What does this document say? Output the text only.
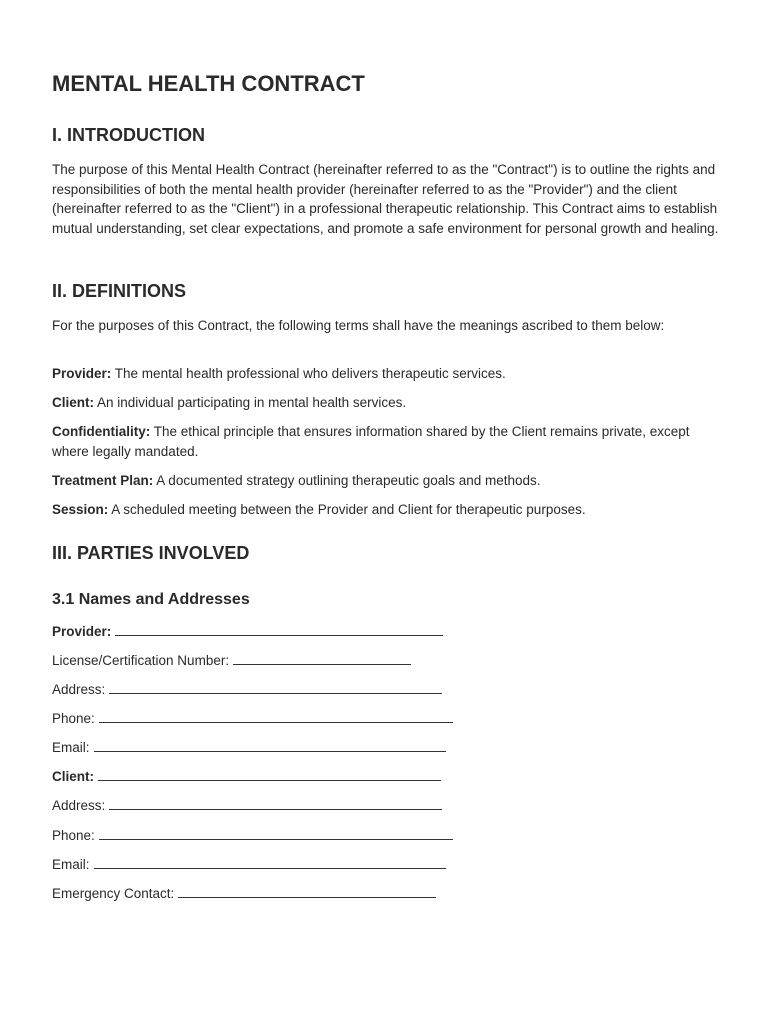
MENTAL HEALTH CONTRACT
I. INTRODUCTION

The purpose of this Mental Health Contract (hereinafter referred to as the "Contract") is to outline the rights and responsibilities of both the mental health provider (hereinafter referred to as the "Provider") and the client (hereinafter referred to as the "Client") in a professional therapeutic relationship. This Contract aims to establish mutual understanding, set clear expectations, and promote a safe environment for personal growth and healing.

II. DEFINITIONS

For the purposes of this Contract, the following terms shall have the meanings ascribed to them below:

Provider: The mental health professional who delivers therapeutic services.

Client: An individual participating in mental health services.

Confidentiality: The ethical principle that ensures information shared by the Client remains private, except where legally mandated.

Treatment Plan: A documented strategy outlining therapeutic goals and methods.

Session: A scheduled meeting between the Provider and Client for therapeutic purposes.

III. PARTIES INVOLVED
3.1 Names and Addresses

Provider:

License/Certification Number:

Address:

Phone:

Email:

Client:

Address:

Phone:

Email:

Emergency Contact:
